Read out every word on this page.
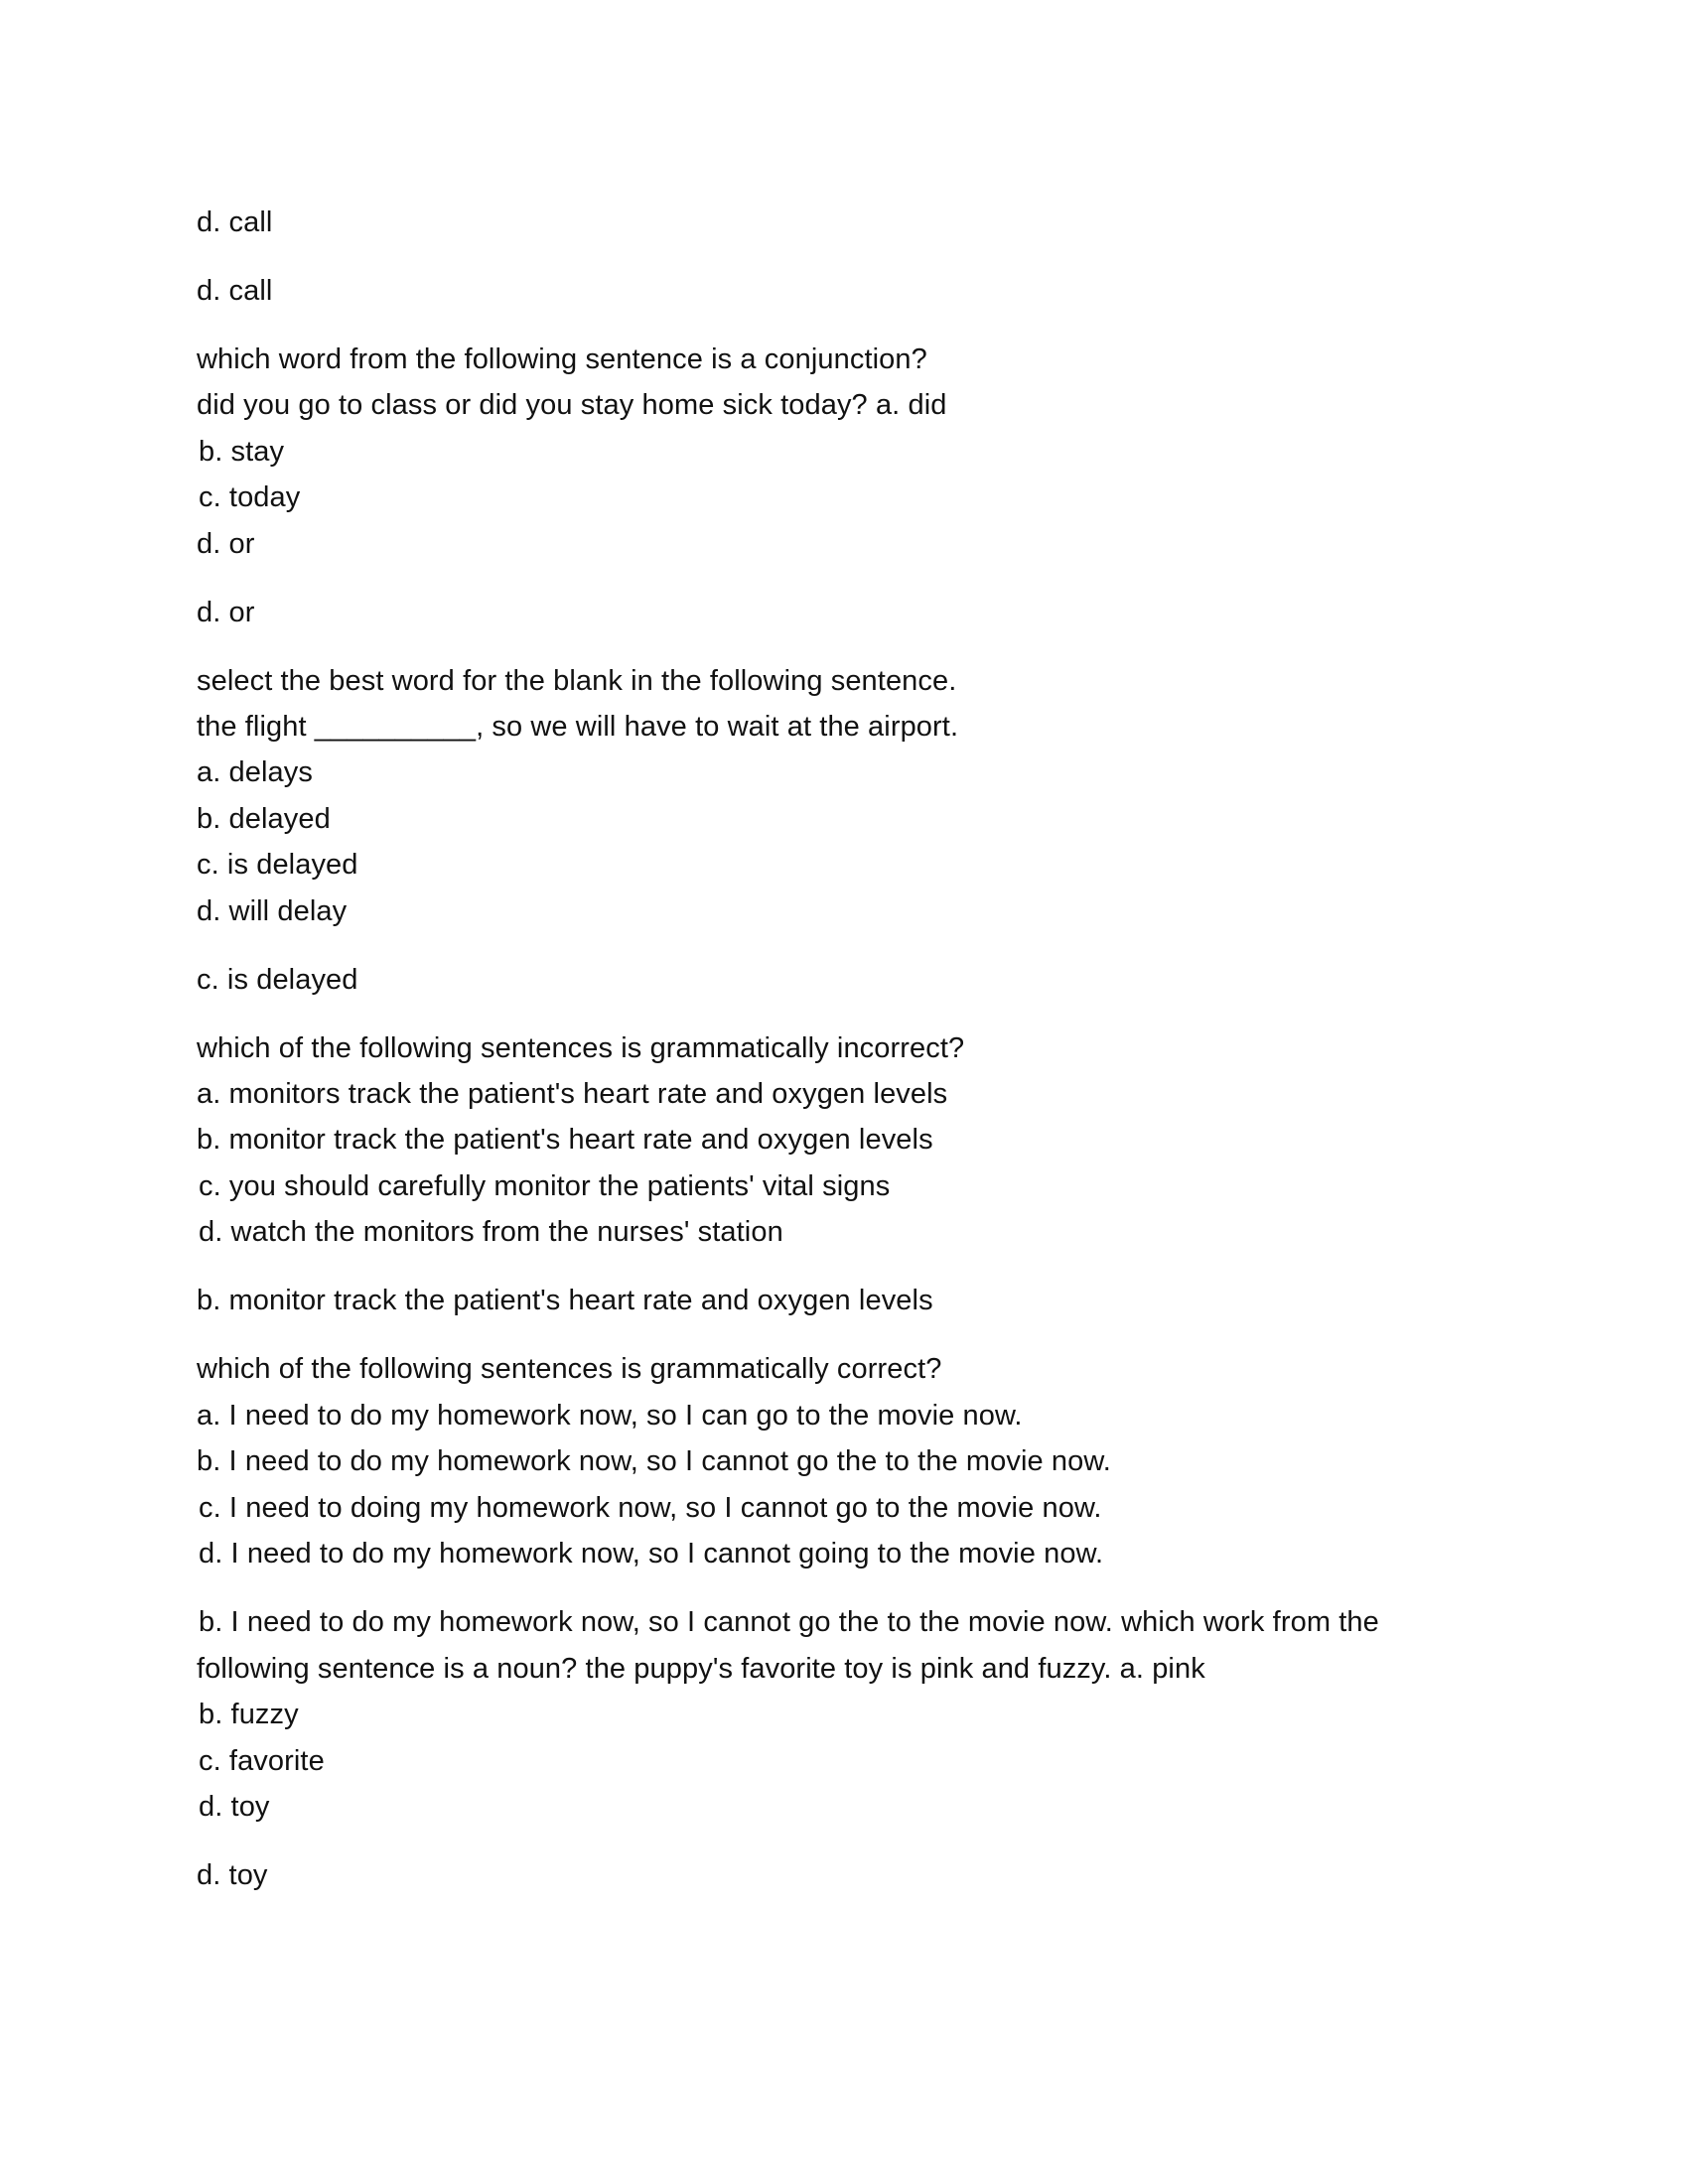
d. call
d. call
which word from the following sentence is a conjunction?
did you go to class or did you stay home sick today? a. did
b. stay
c. today
d. or
d. or
select the best word for the blank in the following sentence.
the flight __________, so we will have to wait at the airport.
a. delays
b. delayed
c. is delayed
d. will delay
c. is delayed
which of the following sentences is grammatically incorrect?
a. monitors track the patient's heart rate and oxygen levels
b. monitor track the patient's heart rate and oxygen levels
c. you should carefully monitor the patients' vital signs
d. watch the monitors from the nurses' station
b. monitor track the patient's heart rate and oxygen levels
which of the following sentences is grammatically correct?
a. I need to do my homework now, so I can go to the movie now.
b. I need to do my homework now, so I cannot go the to the movie now.
c. I need to doing my homework now, so I cannot go to the movie now.
d. I need to do my homework now, so I cannot going to the movie now.
b. I need to do my homework now, so I cannot go the to the movie now. which work from the
following sentence is a noun? the puppy's favorite toy is pink and fuzzy. a. pink
b. fuzzy
c. favorite
d. toy
d. toy
